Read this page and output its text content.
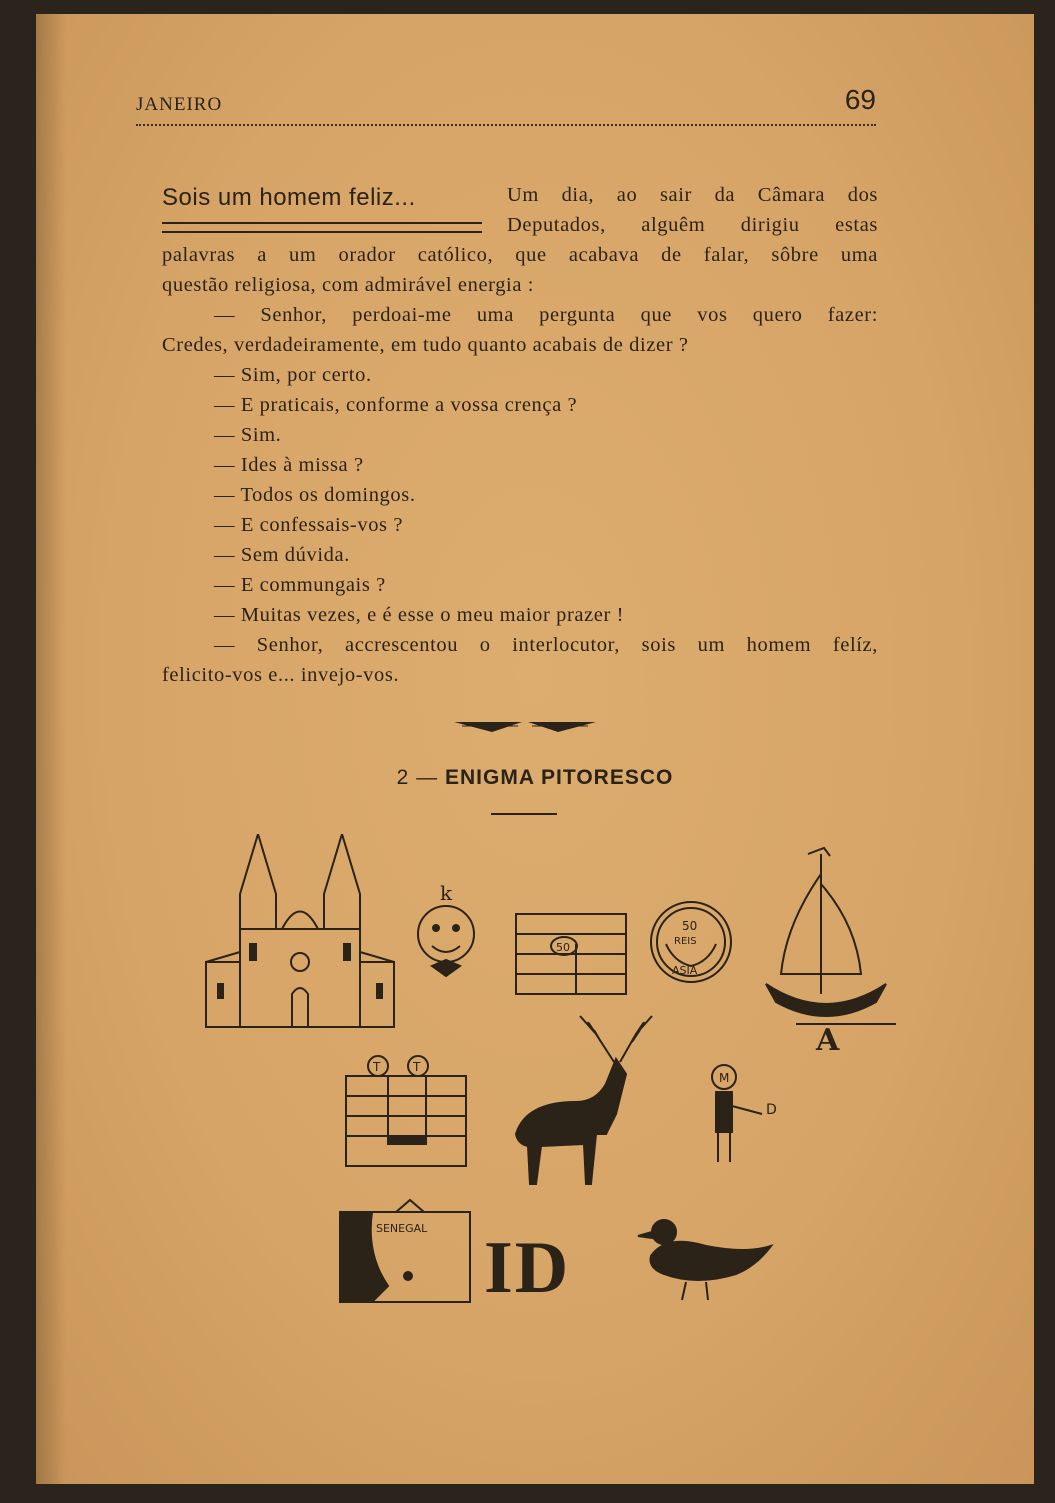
JANEIRO	69
Sois um homem feliz...	Um dia, ao sair da Câmara dos
Deputados, alguêm dirigiu estas
palavras a um orador católico, que acabava de falar, sôbre uma
questão religiosa, com admirável energia :
— Senhor, perdoai-me uma pergunta que vos quero fazer:
Credes, verdadeiramente, em tudo quanto acabais de dizer ?
— Sim, por certo.
— E praticais, conforme a vossa crença ?
— Sim.
— Ides à missa ?
— Todos os domingos.
— E confessais-vos ?
— Sem dúvida.
— E commungais ?
— Muitas vezes, e é esse o meu maior prazer !
— Senhor, accrescentou o interlocutor, sois um homem felíz,
felicito-vos e... invejo-vos.
2 — ENIGMA PITORESCO
k
50
50
REIS
ASIA
A
T	T
M
D
SENEGAL ID
